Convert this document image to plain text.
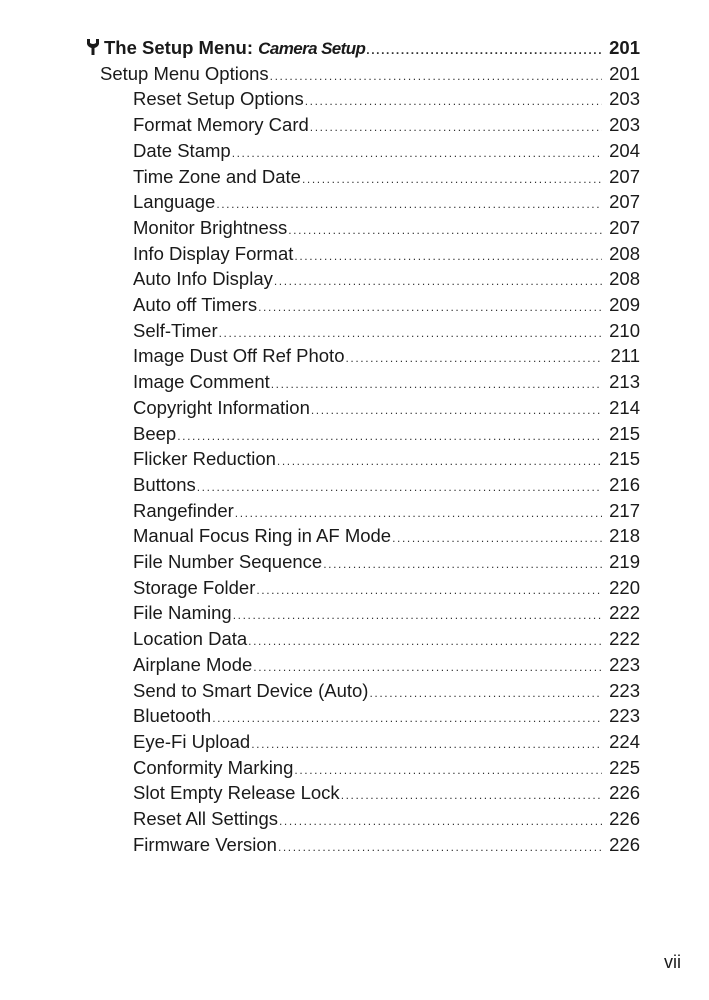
The Setup Menu: Camera Setup .....	201
Setup Menu Options .....	201
Reset Setup Options .....	203
Format Memory Card .....	203
Date Stamp .....	204
Time Zone and Date .....	207
Language .....	207
Monitor Brightness .....	207
Info Display Format .....	208
Auto Info Display .....	208
Auto off Timers .....	209
Self-Timer .....	210
Image Dust Off Ref Photo .....	211
Image Comment .....	213
Copyright Information .....	214
Beep .....	215
Flicker Reduction .....	215
Buttons .....	216
Rangefinder .....	217
Manual Focus Ring in AF Mode .....	218
File Number Sequence .....	219
Storage Folder .....	220
File Naming .....	222
Location Data .....	222
Airplane Mode .....	223
Send to Smart Device (Auto) .....	223
Bluetooth .....	223
Eye-Fi Upload .....	224
Conformity Marking .....	225
Slot Empty Release Lock .....	226
Reset All Settings .....	226
Firmware Version .....	226
vii
